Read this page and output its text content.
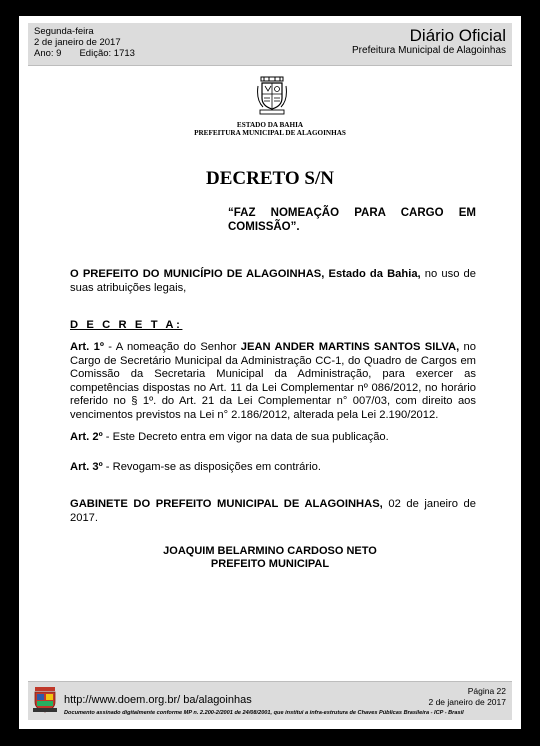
Segunda-feira
2 de janeiro de 2017
Ano: 9 Edição: 1713
Diário Oficial
Prefeitura Municipal de Alagoinhas
ESTADO DA BAHIA
PREFEITURA MUNICIPAL DE ALAGOINHAS
DECRETO S/N
“FAZ NOMEAÇÃO PARA CARGO EM
COMISSÃO”.
O PREFEITO DO MUNICÍPIO DE ALAGOINHAS, Estado da Bahia, no uso de suas atribuições legais,
D E C R E T A:
Art. 1º - A nomeação do Senhor JEAN ANDER MARTINS SANTOS SILVA, no Cargo de Secretário Municipal da Administração CC-1, do Quadro de Cargos em Comissão da Secretaria Municipal da Administração, para exercer as competências dispostas no Art. 11 da Lei Complementar nº 086/2012, no horário referido no § 1º. do Art. 21 da Lei Complementar n° 007/03, com direito aos vencimentos previstos na Lei n° 2.186/2012, alterada pela Lei 2.190/2012.
Art. 2º - Este Decreto entra em vigor na data de sua publicação.
Art. 3º - Revogam-se as disposições em contrário.
GABINETE DO PREFEITO MUNICIPAL DE ALAGOINHAS, 02 de janeiro de 2017.
JOAQUIM BELARMINO CARDOSO NETO
PREFEITO MUNICIPAL
http://www.doem.org.br/ ba/alagoinhas
Página 22
2 de janeiro de 2017
Documento assinado digitalmente conforme MP n. 2.200-2/2001 de 24/08/2001, que institui a infra-estrutura de Chaves Públicas Brasileira - ICP - Brasil
